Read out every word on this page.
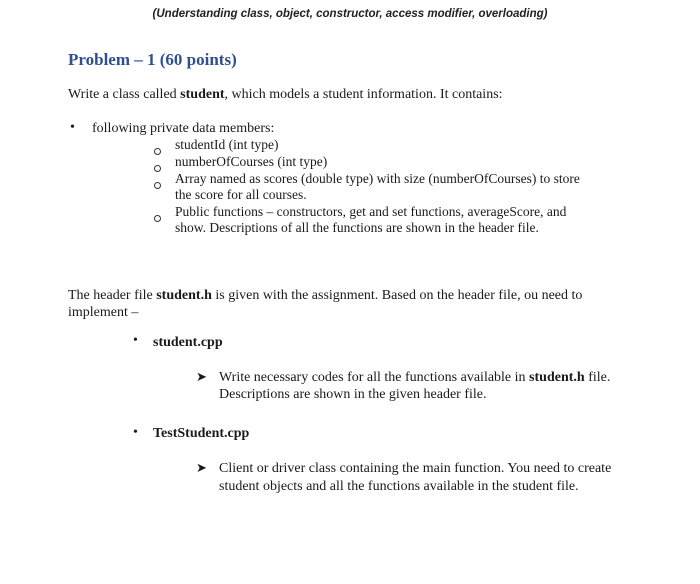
(Understanding class, object, constructor, access modifier, overloading)
Problem – 1 (60 points)
Write a class called student, which models a student information. It contains:
• following private data members:
studentId (int type)
numberOfCourses (int type)
Array named as scores (double type) with size (numberOfCourses) to store
the score for all courses.
Public functions – constructors, get and set functions, averageScore, and
show. Descriptions of all the functions are shown in the header file.
The header file student.h is given with the assignment. Based on the header file, ou need to
implement –
• student.cpp
➤ Write necessary codes for all the functions available in student.h file.
Descriptions are shown in the given header file.
• TestStudent.cpp
➤ Client or driver class containing the main function. You need to create
student objects and all the functions available in the student file.
